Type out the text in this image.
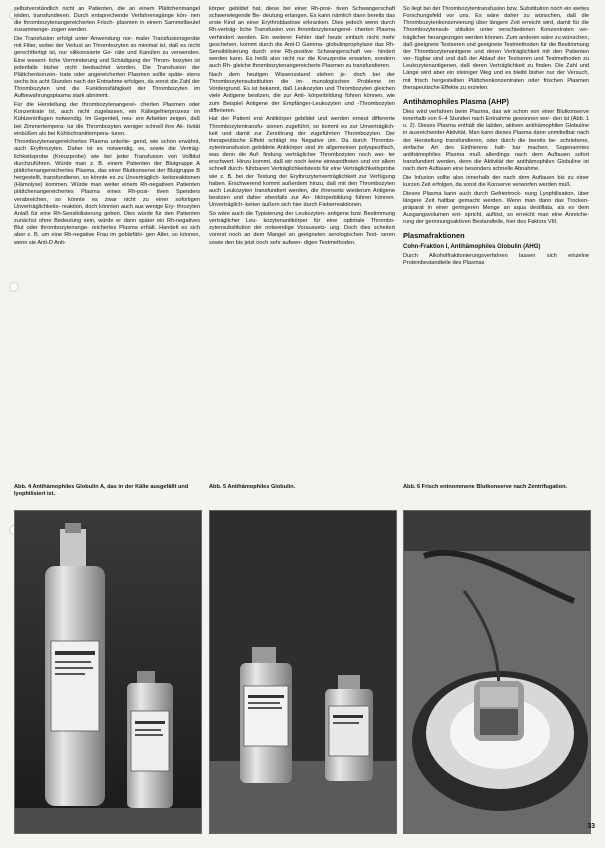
selbstverständlich nicht an Patienten, die an einem Plättchenmangel leiden, transfundieren. Durch entsprechende Verfahrensgänge kön- nen die thrombozytenangereicherten Frisch- plasmen in einem Sammelbeutel zusammenge- zogen werden.

Die Transfusion erfolgt unter Anwendung nor- maler Transfusionsgeräte mit Filter, wobei der Verlust an Thrombozyten so minimal ist, daß es nicht gerechtfertigt ist, nur silikonisierte Ge- räte und Kanülen zu verwenden. Eine wesent- liche Verminderung und Schädigung der Throm- bozyten ist jedenfalls bisher nicht beobachtet worden. Die Transfusion der Plättchenkonzen- trate oder angereicherten Plasmen sollte späte- stens sechs bis acht Stunden nach der Entnahme erfolgen, da sonst die Zahl der Thrombozyten und die Funktionsfähigkeit der Thrombozyten im Aufbewahrungsplasma stark abnimmt.

Für die Herstellung der thrombozytenangerei- cherten Plasmen oder Konzentrate ist, auch nicht zugelassen, ein Kältegefrierprozess im Kühlzentrifugen notwendig. Im Gegenteil, neu- ere Arbeiten zeigen, daß bei Zimmertempera- tur die Thrombozyten weniger schnell ihre Ak- tivität einbüßen als bei Kühlschranktempera- turen.

Thrombozytenangereichertes Plasma unterlie- gend, wie schon erwähnt, auch Erythrozyten. Daher ist es notwendig, es, sowie die Verträg- lichkeitsprobe (Kreuzprobe) wie bei jeder Transfusion von Vollblut durchzuführen. Würde man z. B. einem Patienten der Blutgruppe A plättchenangereichertes Plasma, das einer Blutkonserve der Blutgruppe B hergestellt, transfundieren, so könnte es zu Unverträglich- keitsreaktionen (Hämolyse) kommen. Würde man weiter einem Rh-negativen Patienten plättchenangereichertes Plasma eines Rh-posi- tiven Spenders verabreichen, so könnte es zwar nicht zu einer sofortigen Unverträglichkeits- reaktion, doch könnten auch aus wenige Ery- throzyten Anlaß für eine Rh-Sensibilisierung geben. Dies würde für den Patienten zunächst ohne Bedeutung sein, würde er dann später ein Rh-negatives Blut oder thrombozytenange- reichertes Plasma erhält. Handelt es sich aber z. B. um eine Rh-negative Frau im gebärfähi- gen Alter, so können, wenn sie Anti-D Anti-

körper gebildet hat, diese bei einer Rh-posi- tiven Schwangerschaft schwerwiegende Be- deutung erlangen. Es kann nämlich dann bereits das erste Kind an einer Erythroblastose erkranken. Dies jedoch wenn durch Rh-verträg- liche Transfusion von thrombozytenangerei- cherten Plasma verhindert werden. Ein weiterer Fehler darf heute einfach nicht mehr geschehen, kommt durch die Anti-D Gamma- globulinprophylaxe das Rh-Sensibilisierung durch eine Rh-positive Schwangerschaft ver- hindert werden kann. Es heißt also nicht nur die Kreuzprobe erwarten, sondern auch Rh- gleiche thrombozytenangereicherte Plasmen zu transfundieren.

Nach dem heutigen Wissensstand stehen je- doch bei der Thrombozytensubstitution die im- munologischen Probleme im Vordergrund. Es ist bekannt, daß Leukozyten und Thrombozyten gleichen viele Antigene besitzen, die zur Anti- körperbildung führen können, wie zum Beispiel Antigene der Empfänger-Leukozyten und -Thrombozyten differieren.

Hat der Patient erst Antikörper gebildet und werden erneut differente Thrombozytentransfu- sionen zugeführt, so kommt es zur Unverträglich- keit und damit zur Zerstörung der zugeführten Thrombozyten. Der therapeutische Effekt schlägt ins Negative um. Da durch Thrombo- zytentransfusion gebildete Antikörper sind im allgemeinen polyspezifisch, was denn die Auf- findung verträglicher Thrombozyten noch wei- ter erschwert. Hinzu kommt, daß wir noch keine einwandfreien und vor allem schnell durch- führbaren Verträglichkeitstests für eine Verträglichkeitsprobe wie z. B. bei der Testung der Erythrozytenverträglichkeit zur Verfügung haben. Erschwerend kommt außerdem hinzu, daß mit den Thrombozyten auch Leukozyten transfundiert werden, die ihrerseits wiederum Antigene besitzen und daher ebenfalls zur An- tikörperbildung führen können. Unverträglich- keiten äußern sich hier durch Fieberreaktionen.

So wäre auch die Typisierung der Leukozyten- antigene bzw. Bestimmung verträglicher Leu- kozytenantikörper für eine optimale Thrombo- zytensubstitution der notwendige Voraussetz- ung. Doch dies scheitert vorerst noch an dem Mangel an geeigneten serologischen Test- seren sowie den bis jetzt noch sehr aufwen- digen Testmethoden.

So liegt bei der Thrombozytentransfusion bzw. Substitution noch ein weites Forschungsfeld vor uns. Es wäre daher zu wünschen, daß die Thrombozytenkonservierung über längere Zeit erreicht wird, damit für die Thrombozytensub- stitution unter verschiedenen Konzentraten ver- träglicher herangezogen werden können. Zum anderen wäre zu wünschen, daß geeignete Testseren und geeignete Testmethoden für die Bestimmung der Thrombozytenantigene und deren Verträglichkeit mit den Patienten ver- fügbar sind und daß der Ablauf der Testseren und Testmethoden zu Leukozytenantigenen, daß deren Verträglichkeit zu finden. Die Zahl und Länge wird aber ein steiniger Weg und es bleibt bisher nur der Versuch, mit frisch hergestellten Plättchenkonzentraten oder frischen Plasmen therapeutische Effekte zu erzielen.

Antihämophiles Plasma (AHP)

Dies wird verfahren beim Plasma, das wir schon von einer Blutkonserve innerhalb von 6–4 Stunden nach Entnahme gewonnen wor- den ist (Abb. 1 u. 2). Dieses Plasma enthält die labilen, aktiven antihämophilen Globuline in ausreichender Aktivität. Man kann dieses Plasma dann unmittelbar nach der Herstellung transfundieren, oder durch die bereits be- schriebene, einfache Art des Einfrierens halt- bar machen. Sogenanntes antihämophiles Plasma muß allerdings nach dem Auftauen sofort transfundiert werden, denn die Aktivität der antihämophilen Globuline ist nach dem Auftauen eine besonders schnelle Abnahme.

Die Infusion sollte also innerhalb der nach dem Auftauen bis zu einer kurzen Zeit erfolgen, da sonst die Konserve verworfen werden muß.

Dieses Plasma kann auch durch Gefriertrock- nung Lyophilisation, über längere Zeit haltbar gemacht werden. Wenn man dann das Trocken- präparat in einer geringeren Menge an aqua destillata, als es dem Ausgangsvolumen ent- spricht, auflöst, so erreicht man eine Anreiche- rung der gerinnungsaktiven Bestandteile, hier des Faktors VIII.

Plasmafraktionen
Cohn-Fraktion I, Antihämophiles Globulin (AHG)

Durch Alkoholfraktionierungsverfahren lassen sich einzelne Proteinbestandteile des Plasmas

Abb. 4 Antihämophiles Globulin A, das in der Kälte ausgefällt und lyophilisiert ist.
Abb. 5 Antihämophiles Globulin.	Abb. 6 Frisch entnommene Blutkonserve nach Zentrifugation.
33
